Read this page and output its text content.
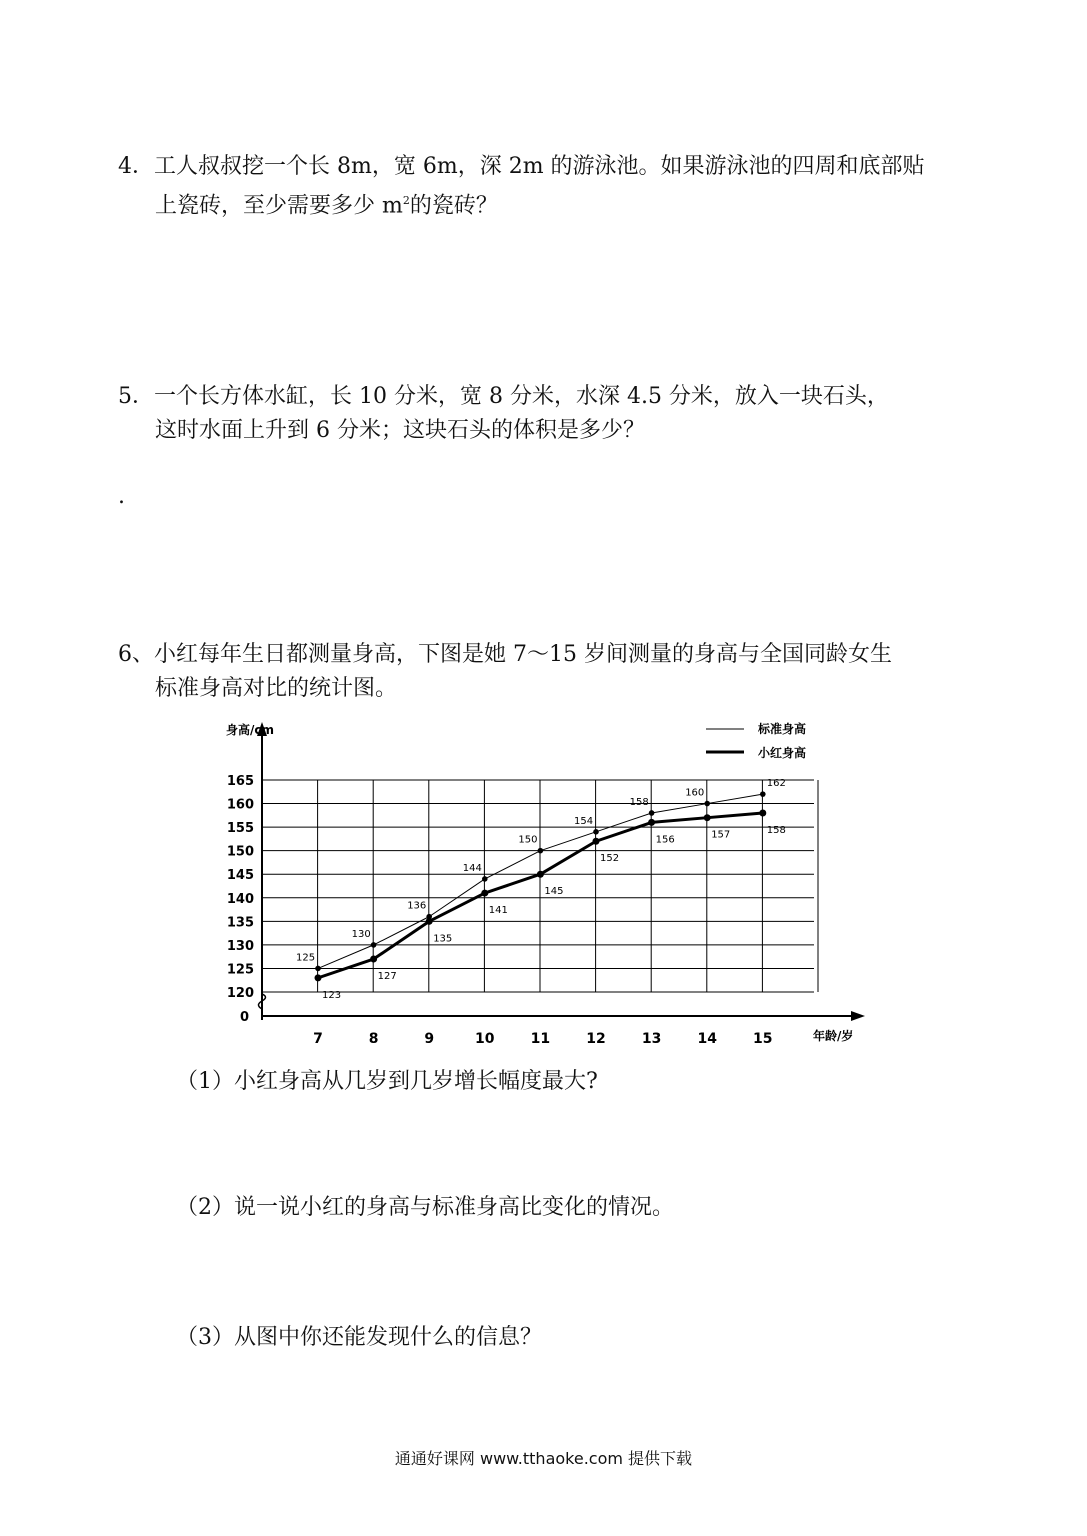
4．工人叔叔挖一个长 8m，宽 6m，深 2m 的游泳池。如果游泳池的四周和底部贴
上瓷砖，至少需要多少 $m^2$的瓷砖？
5．一个长方体水缸，长 10 分米，宽 8 分米，水深 4.5 分米，放入一块石头，
这时水面上升到 6 分米；这块石头的体积是多少？
.
6、小红每年生日都测量身高，下图是她 7～15 岁间测量的身高与全国同龄女生
标准身高对比的统计图。
165
160
155
150
145
140
135
130
125
120
7	8	9	10	11	12	13	14	15
125
130
136
144
150
154
158
160
162
123
127
135
141
145
152
156	157	158
身高/cm
年龄/岁
0
标准身高
小红身高
（1）小红身高从几岁到几岁增长幅度最大?
（2）说一说小红的身高与标准身高比变化的情况。
（3）从图中你还能发现什么的信息？
通通好课网 www.tthaoke.com 提供下载
